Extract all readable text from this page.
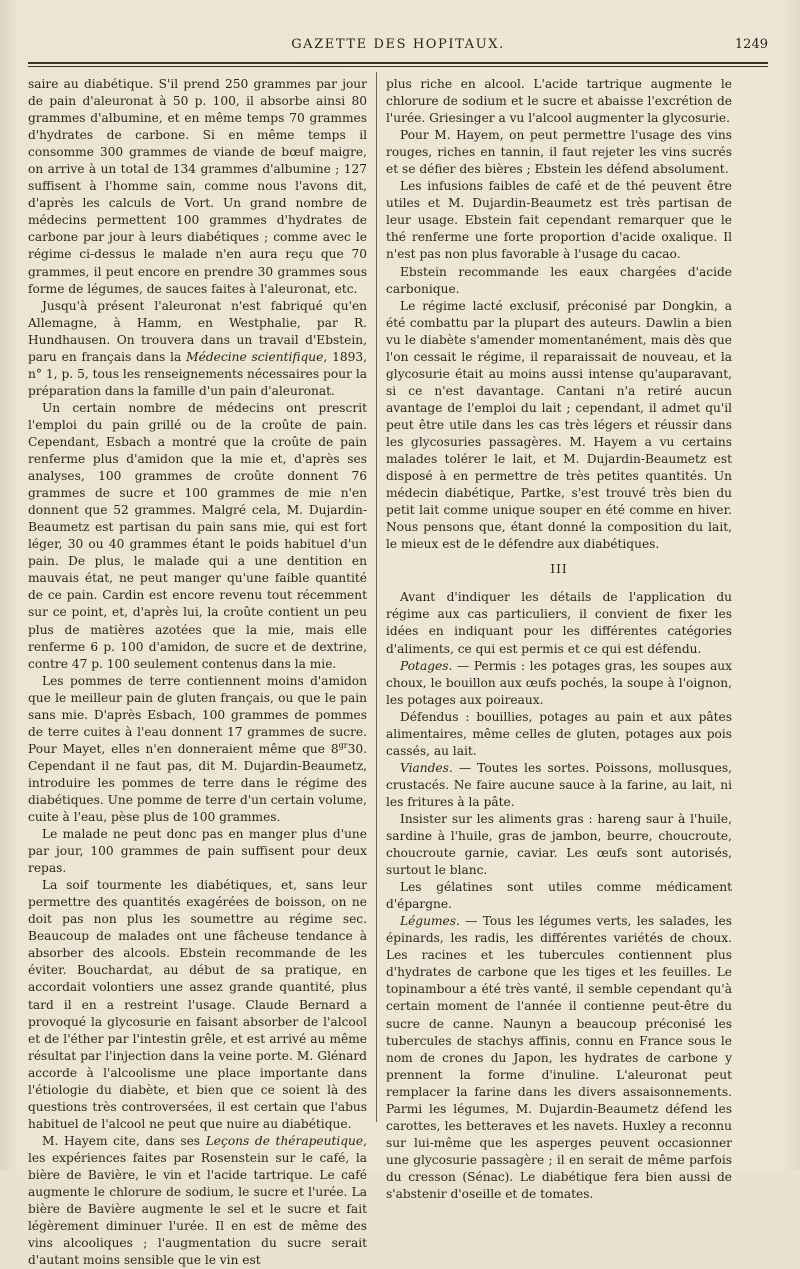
GAZETTE DES HOPITAUX.	1249

saire au diabétique. S'il prend 250 grammes par jour de pain d'aleuronat à 50 p. 100, il absorbe ainsi 80 grammes d'albumine, et en même temps 70 grammes d'hydrates de carbone. Si en même temps il consomme 300 grammes de viande de bœuf maigre, on arrive à un total de 134 grammes d'albumine ; 127 suffisent à l'homme sain, comme nous l'avons dit, d'après les calculs de Vort. Un grand nombre de médecins permettent 100 grammes d'hydrates de carbone par jour à leurs diabétiques ; comme avec le régime ci-dessus le malade n'en aura reçu que 70 grammes, il peut encore en prendre 30 grammes sous forme de légumes, de sauces faites à l'aleuronat, etc.

Jusqu'à présent l'aleuronat n'est fabriqué qu'en Allemagne, à Hamm, en Westphalie, par R. Hundhausen. On trouvera dans un travail d'Ebstein, paru en français dans la Médecine scientifique, 1893, n° 1, p. 5, tous les renseignements nécessaires pour la préparation dans la famille d'un pain d'aleuronat.

Un certain nombre de médecins ont prescrit l'emploi du pain grillé ou de la croûte de pain. Cependant, Esbach a montré que la croûte de pain renferme plus d'amidon que la mie et, d'après ses analyses, 100 grammes de croûte donnent 76 grammes de sucre et 100 grammes de mie n'en donnent que 52 grammes. Malgré cela, M. Dujardin-Beaumetz est partisan du pain sans mie, qui est fort léger, 30 ou 40 grammes étant le poids habituel d'un pain. De plus, le malade qui a une dentition en mauvais état, ne peut manger qu'une faible quantité de ce pain. Cardin est encore revenu tout récemment sur ce point, et, d'après lui, la croûte contient un peu plus de matières azotées que la mie, mais elle renferme 6 p. 100 d'amidon, de sucre et de dextrine, contre 47 p. 100 seulement contenus dans la mie.

Les pommes de terre contiennent moins d'amidon que le meilleur pain de gluten français, ou que le pain sans mie. D'après Esbach, 100 grammes de pommes de terre cuites à l'eau donnent 17 grammes de sucre. Pour Mayet, elles n'en donneraient même que $8^{gr}30$. Cependant il ne faut pas, dit M. Dujardin-Beaumetz, introduire les pommes de terre dans le régime des diabétiques. Une pomme de terre d'un certain volume, cuite à l'eau, pèse plus de 100 grammes.

Le malade ne peut donc pas en manger plus d'une par jour, 100 grammes de pain suffisent pour deux repas.

La soif tourmente les diabétiques, et, sans leur permettre des quantités exagérées de boisson, on ne doit pas non plus les soumettre au régime sec. Beaucoup de malades ont une fâcheuse tendance à absorber des alcools. Ebstein recommande de les éviter. Bouchardat, au début de sa pratique, en accordait volontiers une assez grande quantité, plus tard il en a restreint l'usage. Claude Bernard a provoqué la glycosurie en faisant absorber de l'alcool et de l'éther par l'intestin grêle, et est arrivé au même résultat par l'injection dans la veine porte. M. Glénard accorde à l'alcoolisme une place importante dans l'étiologie du diabète, et bien que ce soient là des questions très controversées, il est certain que l'abus habituel de l'alcool ne peut que nuire au diabétique.

M. Hayem cite, dans ses Leçons de thérapeutique, les expériences faites par Rosenstein sur le café, la bière de Bavière, le vin et l'acide tartrique. Le café augmente le chlorure de sodium, le sucre et l'urée. La bière de Bavière augmente le sel et le sucre et fait légèrement diminuer l'urée. Il en est de même des vins alcooliques ; l'augmentation du sucre serait d'autant moins sensible que le vin est

plus riche en alcool. L'acide tartrique augmente le chlorure de sodium et le sucre et abaisse l'excrétion de l'urée. Griesinger a vu l'alcool augmenter la glycosurie.

Pour M. Hayem, on peut permettre l'usage des vins rouges, riches en tannin, il faut rejeter les vins sucrés et se défier des bières ; Ebstein les défend absolument.

Les infusions faibles de café et de thé peuvent être utiles et M. Dujardin-Beaumetz est très partisan de leur usage. Ebstein fait cependant remarquer que le thé renferme une forte proportion d'acide oxalique. Il n'est pas non plus favorable à l'usage du cacao.

Ebstein recommande les eaux chargées d'acide carbonique.

Le régime lacté exclusif, préconisé par Dongkin, a été combattu par la plupart des auteurs. Dawlin a bien vu le diabète s'amender momentanément, mais dès que l'on cessait le régime, il reparaissait de nouveau, et la glycosurie était au moins aussi intense qu'auparavant, si ce n'est davantage. Cantani n'a retiré aucun avantage de l'emploi du lait ; cependant, il admet qu'il peut être utile dans les cas très légers et réussir dans les glycosuries passagères. M. Hayem a vu certains malades tolérer le lait, et M. Dujardin-Beaumetz est disposé à en permettre de très petites quantités. Un médecin diabétique, Partke, s'est trouvé très bien du petit lait comme unique souper en été comme en hiver. Nous pensons que, étant donné la composition du lait, le mieux est de le défendre aux diabétiques.

III

Avant d'indiquer les détails de l'application du régime aux cas particuliers, il convient de fixer les idées en indiquant pour les différentes catégories d'aliments, ce qui est permis et ce qui est défendu.

Potages. — Permis : les potages gras, les soupes aux choux, le bouillon aux œufs pochés, la soupe à l'oignon, les potages aux poireaux.

Défendus : bouillies, potages au pain et aux pâtes alimentaires, même celles de gluten, potages aux pois cassés, au lait.

Viandes. — Toutes les sortes. Poissons, mollusques, crustacés. Ne faire aucune sauce à la farine, au lait, ni les fritures à la pâte.

Insister sur les aliments gras : hareng saur à l'huile, sardine à l'huile, gras de jambon, beurre, choucroute, choucroute garnie, caviar. Les œufs sont autorisés, surtout le blanc.

Les gélatines sont utiles comme médicament d'épargne.

Légumes. — Tous les légumes verts, les salades, les épinards, les radis, les différentes variétés de choux. Les racines et les tubercules contiennent plus d'hydrates de carbone que les tiges et les feuilles. Le topinambour a été très vanté, il semble cependant qu'à certain moment de l'année il contienne peut-être du sucre de canne. Naunyn a beaucoup préconisé les tubercules de stachys affinis, connu en France sous le nom de crones du Japon, les hydrates de carbone y prennent la forme d'inuline. L'aleuronat peut remplacer la farine dans les divers assaisonnements. Parmi les légumes, M. Dujardin-Beaumetz défend les carottes, les betteraves et les navets. Huxley a reconnu sur lui-même que les asperges peuvent occasionner une glycosurie passagère ; il en serait de même parfois du cresson (Sénac). Le diabétique fera bien aussi de s'abstenir d'oseille et de tomates.
